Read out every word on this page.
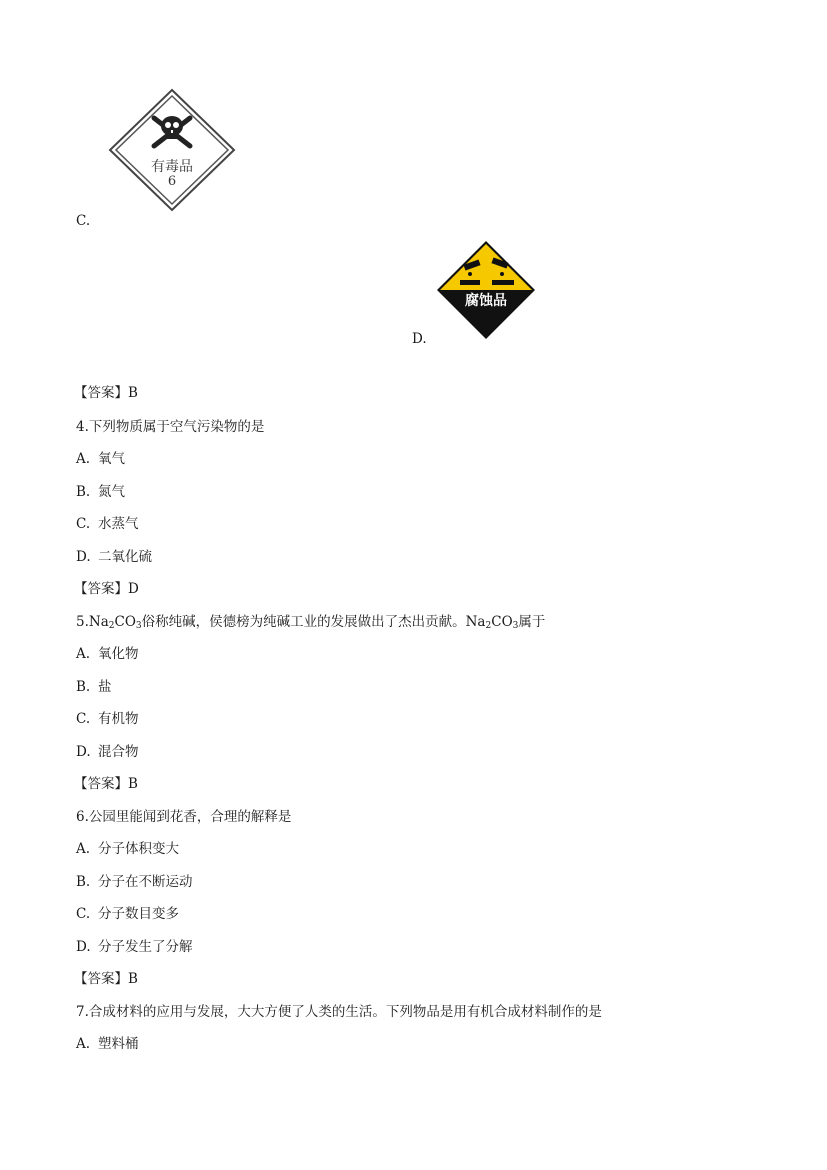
有毒品
6
C.
腐蚀品
D.
【答案】B
4.下列物质属于空气污染物的是
A. 氧气
B. 氮气
C. 水蒸气
D. 二氧化硫
【答案】D
$5.Na_2CO_3$俗称纯碱，侯德榜为纯碱工业的发展做出了杰出贡献。$Na_2CO_3$属于
A. 氧化物
B. 盐
C. 有机物
D. 混合物
【答案】B
6.公园里能闻到花香，合理的解释是
A. 分子体积变大
B. 分子在不断运动
C. 分子数目变多
D. 分子发生了分解
【答案】B
7.合成材料的应用与发展，大大方便了人类的生活。下列物品是用有机合成材料制作的是
A. 塑料桶
